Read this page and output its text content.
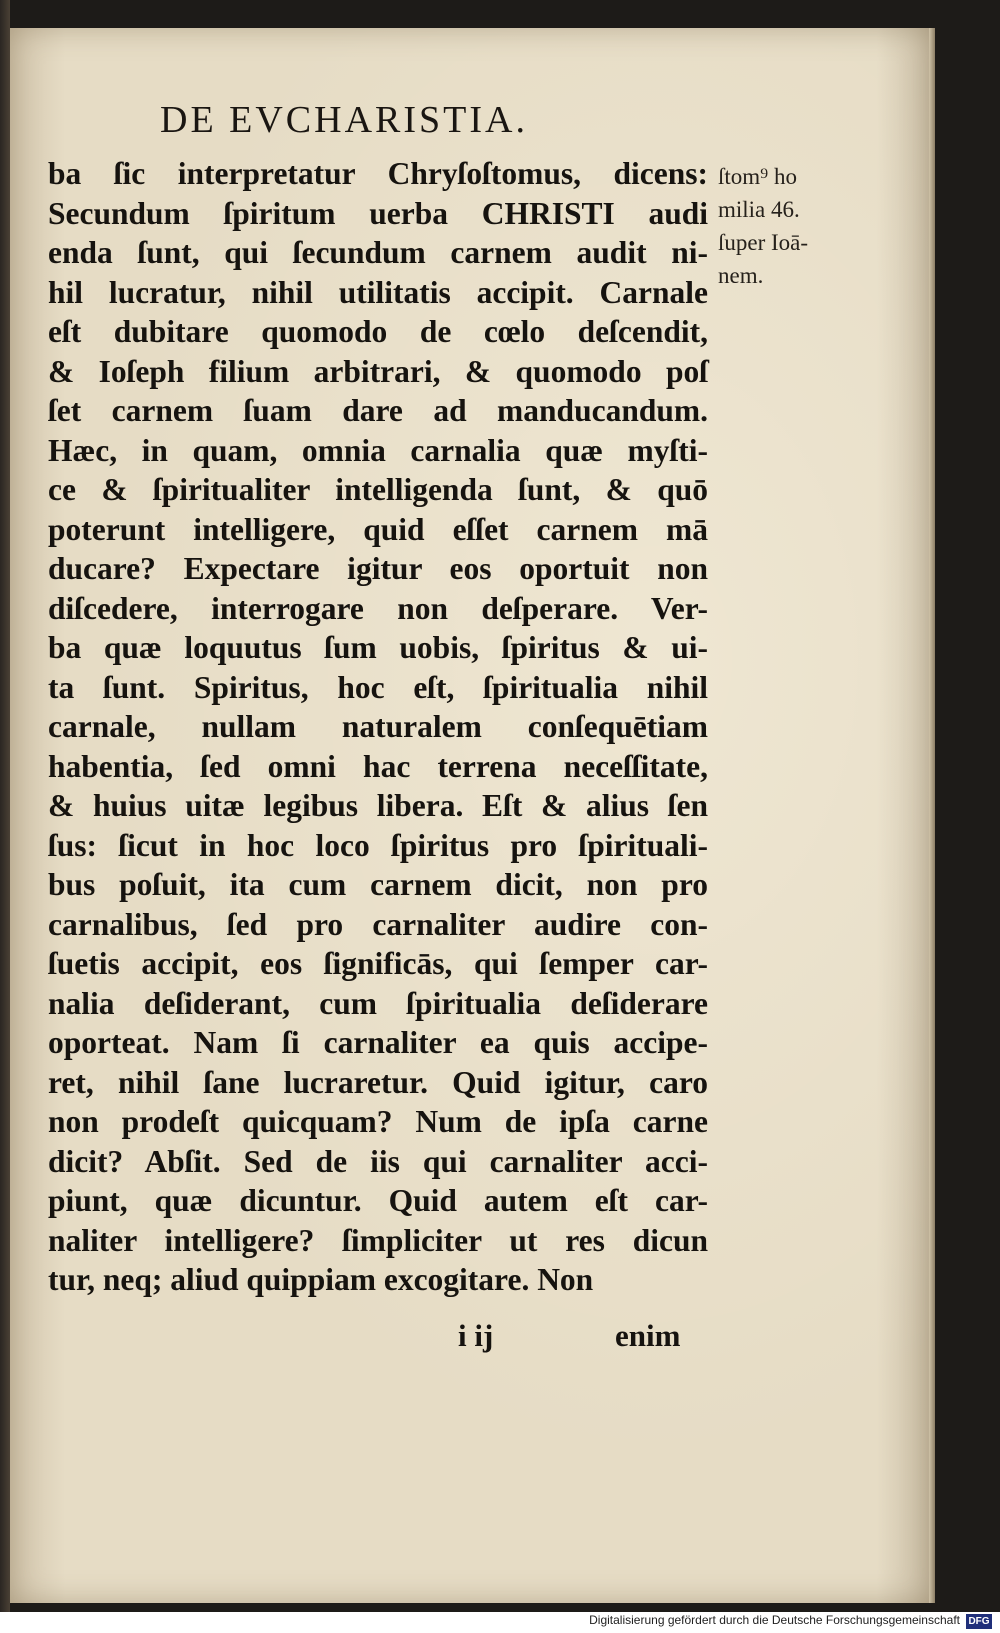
DE EVCHARISTIA.
ba ſic interpretatur Chryſoſtomus, dicens:
Secundum ſpiritum uerba CHRISTI audi
enda ſunt, qui ſecundum carnem audit ni-
hil lucratur, nihil utilitatis accipit. Carnale
eſt dubitare quomodo de cœlo deſcendit,
& Ioſeph filium arbitrari, & quomodo poſ
ſet carnem ſuam dare ad manducandum.
Hæc, in quam, omnia carnalia quæ myſti-
ce & ſpiritualiter intelligenda ſunt, & quō
poterunt intelligere, quid eſſet carnem mā
ducare? Expectare igitur eos oportuit non
diſcedere, interrogare non deſperare. Ver-
ba quæ loquutus ſum uobis, ſpiritus & ui-
ta ſunt. Spiritus, hoc eſt, ſpiritualia nihil
carnale, nullam naturalem conſequētiam
habentia, ſed omni hac terrena neceſſitate,
& huius uitæ legibus libera. Eſt & alius ſen
ſus: ſicut in hoc loco ſpiritus pro ſpirituali-
bus poſuit, ita cum carnem dicit, non pro
carnalibus, ſed pro carnaliter audire con-
ſuetis accipit, eos ſignificās, qui ſemper car-
nalia deſiderant, cum ſpiritualia deſiderare
oporteat. Nam ſi carnaliter ea quis accipe-
ret, nihil ſane lucraretur. Quid igitur, caro
non prodeſt quicquam? Num de ipſa carne
dicit? Abſit. Sed de iis qui carnaliter acci-
piunt, quæ dicuntur. Quid autem eſt car-
naliter intelligere? ſimpliciter ut res dicun
tur, neq; aliud quippiam excogitare. Non
ſtom⁹ ho
milia 46.
ſuper Ioā-
nem.
i ij	enim
Digitalisierung gefördert durch die Deutsche Forschungsgemeinschaft DFG
